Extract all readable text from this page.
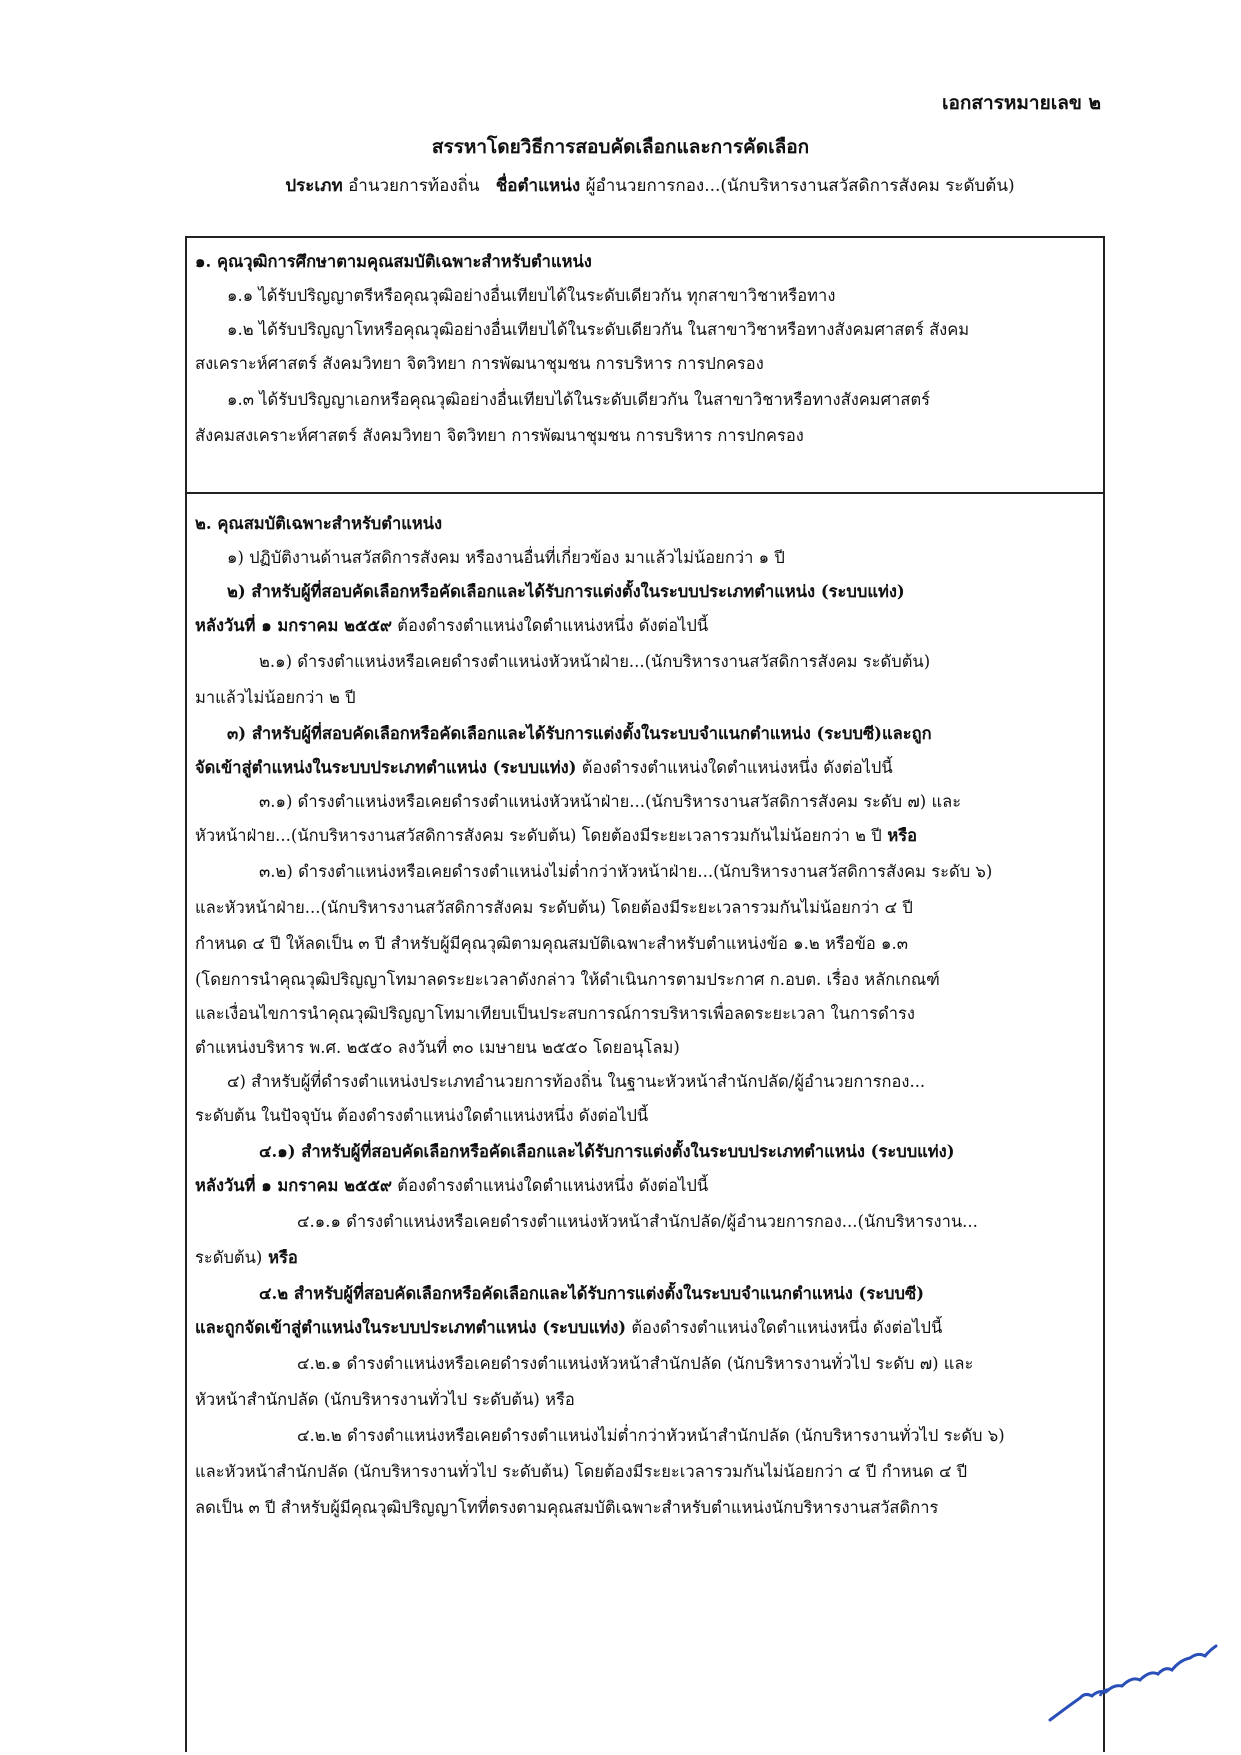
เอกสารหมายเลข ๒
สรรหาโดยวิธีการสอบคัดเลือกและการคัดเลือก
ประเภท อำนวยการท้องถิ่น ชื่อตำแหน่ง ผู้อำนวยการกอง...(นักบริหารงานสวัสดิการสังคม ระดับต้น)
๑. คุณวุฒิการศึกษาตามคุณสมบัติเฉพาะสำหรับตำแหน่ง
๑.๑ ได้รับปริญญาตรีหรือคุณวุฒิอย่างอื่นเทียบได้ในระดับเดียวกัน ทุกสาขาวิชาหรือทาง
๑.๒ ได้รับปริญญาโทหรือคุณวุฒิอย่างอื่นเทียบได้ในระดับเดียวกัน ในสาขาวิชาหรือทางสังคมศาสตร์ สังคม
สงเคราะห์ศาสตร์ สังคมวิทยา จิตวิทยา การพัฒนาชุมชน การบริหาร การปกครอง
๑.๓ ได้รับปริญญาเอกหรือคุณวุฒิอย่างอื่นเทียบได้ในระดับเดียวกัน ในสาขาวิชาหรือทางสังคมศาสตร์
สังคมสงเคราะห์ศาสตร์ สังคมวิทยา จิตวิทยา การพัฒนาชุมชน การบริหาร การปกครอง
๒. คุณสมบัติเฉพาะสำหรับตำแหน่ง
๑) ปฏิบัติงานด้านสวัสดิการสังคม หรืองานอื่นที่เกี่ยวข้อง มาแล้วไม่น้อยกว่า ๑ ปี
๒) สำหรับผู้ที่สอบคัดเลือกหรือคัดเลือกและได้รับการแต่งตั้งในระบบประเภทตำแหน่ง (ระบบแท่ง)
หลังวันที่ ๑ มกราคม ๒๕๕๙ ต้องดำรงตำแหน่งใดตำแหน่งหนึ่ง ดังต่อไปนี้
๒.๑) ดำรงตำแหน่งหรือเคยดำรงตำแหน่งหัวหน้าฝ่าย...(นักบริหารงานสวัสดิการสังคม ระดับต้น)
มาแล้วไม่น้อยกว่า ๒ ปี
๓) สำหรับผู้ที่สอบคัดเลือกหรือคัดเลือกและได้รับการแต่งตั้งในระบบจำแนกตำแหน่ง (ระบบซี)และถูก
จัดเข้าสู่ตำแหน่งในระบบประเภทตำแหน่ง (ระบบแท่ง) ต้องดำรงตำแหน่งใดตำแหน่งหนึ่ง ดังต่อไปนี้
๓.๑) ดำรงตำแหน่งหรือเคยดำรงตำแหน่งหัวหน้าฝ่าย...(นักบริหารงานสวัสดิการสังคม ระดับ ๗) และ
หัวหน้าฝ่าย...(นักบริหารงานสวัสดิการสังคม ระดับต้น) โดยต้องมีระยะเวลารวมกันไม่น้อยกว่า ๒ ปี หรือ
๓.๒) ดำรงตำแหน่งหรือเคยดำรงตำแหน่งไม่ต่ำกว่าหัวหน้าฝ่าย...(นักบริหารงานสวัสดิการสังคม ระดับ ๖)
และหัวหน้าฝ่าย...(นักบริหารงานสวัสดิการสังคม ระดับต้น) โดยต้องมีระยะเวลารวมกันไม่น้อยกว่า ๔ ปี
กำหนด ๔ ปี ให้ลดเป็น ๓ ปี สำหรับผู้มีคุณวุฒิตามคุณสมบัติเฉพาะสำหรับตำแหน่งข้อ ๑.๒ หรือข้อ ๑.๓
(โดยการนำคุณวุฒิปริญญาโทมาลดระยะเวลาดังกล่าว ให้ดำเนินการตามประกาศ ก.อบต. เรื่อง หลักเกณฑ์
และเงื่อนไขการนำคุณวุฒิปริญญาโทมาเทียบเป็นประสบการณ์การบริหารเพื่อลดระยะเวลา ในการดำรง
ตำแหน่งบริหาร พ.ศ. ๒๕๕๐ ลงวันที่ ๓๐ เมษายน ๒๕๕๐ โดยอนุโลม)
๔) สำหรับผู้ที่ดำรงตำแหน่งประเภทอำนวยการท้องถิ่น ในฐานะหัวหน้าสำนักปลัด/ผู้อำนวยการกอง...
ระดับต้น ในปัจจุบัน ต้องดำรงตำแหน่งใดตำแหน่งหนึ่ง ดังต่อไปนี้
๔.๑) สำหรับผู้ที่สอบคัดเลือกหรือคัดเลือกและได้รับการแต่งตั้งในระบบประเภทตำแหน่ง (ระบบแท่ง)
หลังวันที่ ๑ มกราคม ๒๕๕๙ ต้องดำรงตำแหน่งใดตำแหน่งหนึ่ง ดังต่อไปนี้
๔.๑.๑ ดำรงตำแหน่งหรือเคยดำรงตำแหน่งหัวหน้าสำนักปลัด/ผู้อำนวยการกอง...(นักบริหารงาน...
ระดับต้น) หรือ
๔.๒ สำหรับผู้ที่สอบคัดเลือกหรือคัดเลือกและได้รับการแต่งตั้งในระบบจำแนกตำแหน่ง (ระบบซี)
และถูกจัดเข้าสู่ตำแหน่งในระบบประเภทตำแหน่ง (ระบบแท่ง) ต้องดำรงตำแหน่งใดตำแหน่งหนึ่ง ดังต่อไปนี้
๔.๒.๑ ดำรงตำแหน่งหรือเคยดำรงตำแหน่งหัวหน้าสำนักปลัด (นักบริหารงานทั่วไป ระดับ ๗) และ
หัวหน้าสำนักปลัด (นักบริหารงานทั่วไป ระดับต้น) หรือ
๔.๒.๒ ดำรงตำแหน่งหรือเคยดำรงตำแหน่งไม่ต่ำกว่าหัวหน้าสำนักปลัด (นักบริหารงานทั่วไป ระดับ ๖)
และหัวหน้าสำนักปลัด (นักบริหารงานทั่วไป ระดับต้น) โดยต้องมีระยะเวลารวมกันไม่น้อยกว่า ๔ ปี กำหนด ๔ ปี
ลดเป็น ๓ ปี สำหรับผู้มีคุณวุฒิปริญญาโทที่ตรงตามคุณสมบัติเฉพาะสำหรับตำแหน่งนักบริหารงานสวัสดิการ
